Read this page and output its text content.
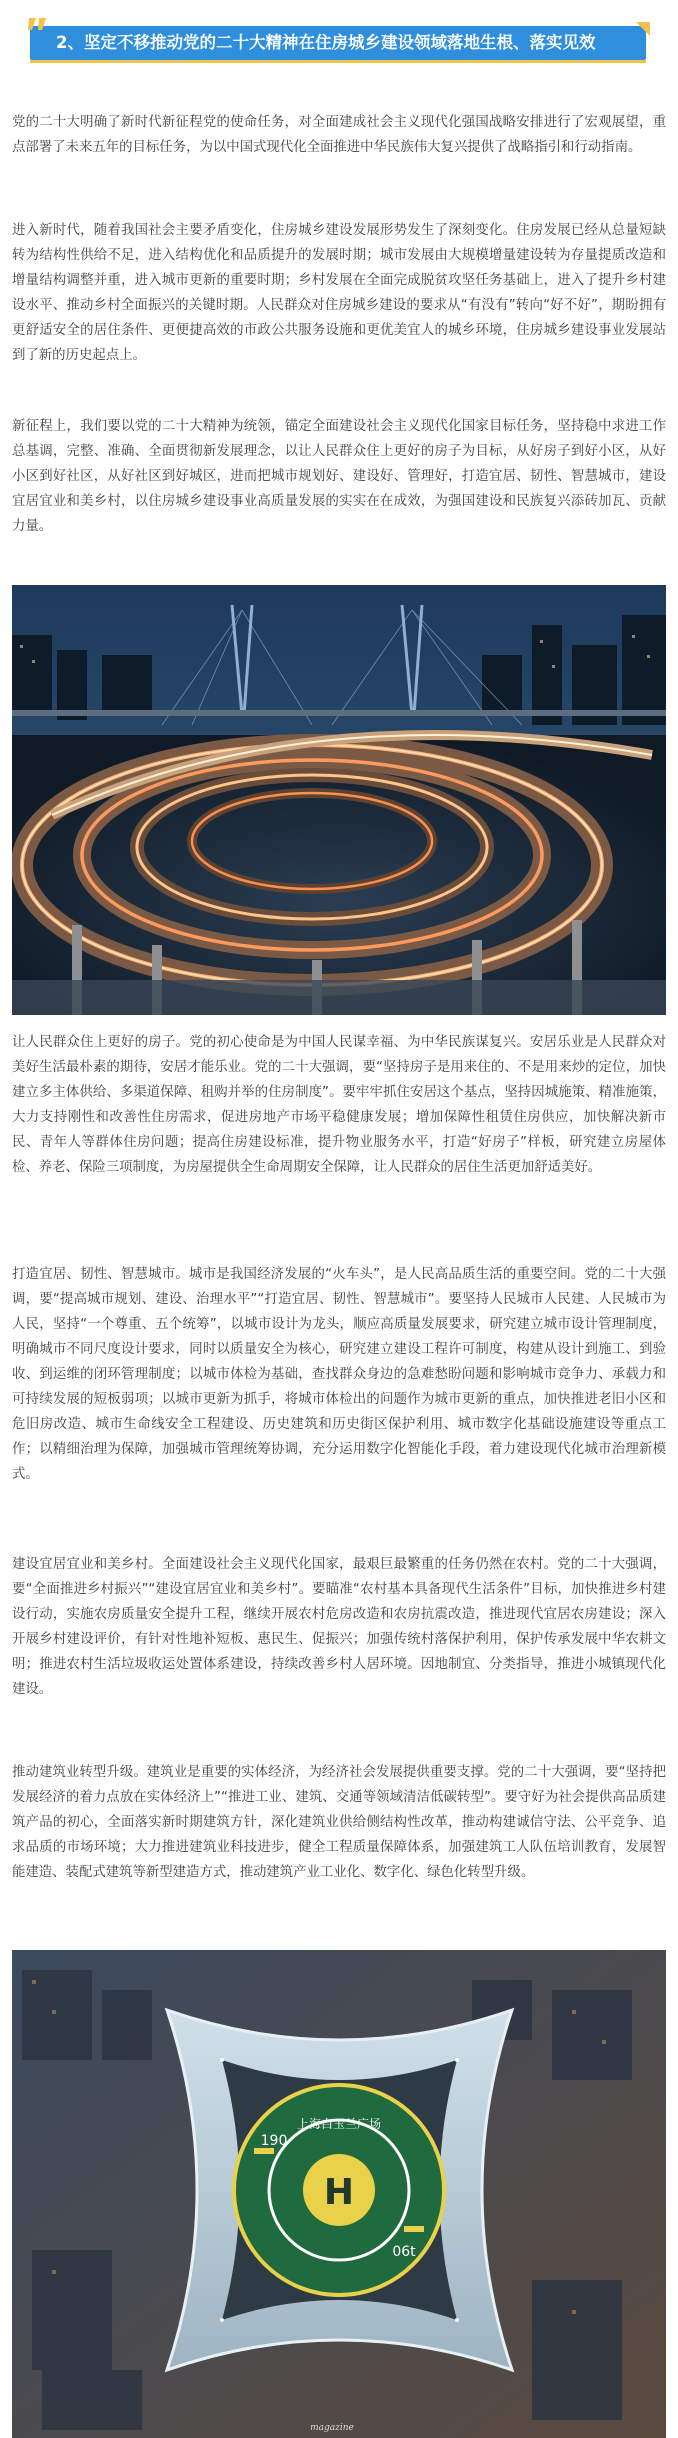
2、坚定不移推动党的二十大精神在住房城乡建设领域落地生根、落实见效

党的二十大明确了新时代新征程党的使命任务，对全面建成社会主义现代化强国战略安排进行了宏观展望，重点部署了未来五年的目标任务，为以中国式现代化全面推进中华民族伟大复兴提供了战略指引和行动指南。

进入新时代，随着我国社会主要矛盾变化，住房城乡建设发展形势发生了深刻变化。住房发展已经从总量短缺转为结构性供给不足，进入结构优化和品质提升的发展时期；城市发展由大规模增量建设转为存量提质改造和增量结构调整并重，进入城市更新的重要时期；乡村发展在全面完成脱贫攻坚任务基础上，进入了提升乡村建设水平、推动乡村全面振兴的关键时期。人民群众对住房城乡建设的要求从“有没有”转向“好不好”，期盼拥有更舒适安全的居住条件、更便捷高效的市政公共服务设施和更优美宜人的城乡环境，住房城乡建设事业发展站到了新的历史起点上。

新征程上，我们要以党的二十大精神为统领，锚定全面建设社会主义现代化国家目标任务，坚持稳中求进工作总基调，完整、准确、全面贯彻新发展理念，以让人民群众住上更好的房子为目标，从好房子到好小区，从好小区到好社区，从好社区到好城区，进而把城市规划好、建设好、管理好，打造宜居、韧性、智慧城市，建设宜居宜业和美乡村，以住房城乡建设事业高质量发展的实实在在成效，为强国建设和民族复兴添砖加瓦、贡献力量。

让人民群众住上更好的房子。党的初心使命是为中国人民谋幸福、为中华民族谋复兴。安居乐业是人民群众对美好生活最朴素的期待，安居才能乐业。党的二十大强调，要“坚持房子是用来住的、不是用来炒的定位，加快建立多主体供给、多渠道保障、租购并举的住房制度”。要牢牢抓住安居这个基点，坚持因城施策、精准施策，大力支持刚性和改善性住房需求，促进房地产市场平稳健康发展；增加保障性租赁住房供应，加快解决新市民、青年人等群体住房问题；提高住房建设标准，提升物业服务水平，打造“好房子”样板，研究建立房屋体检、养老、保险三项制度，为房屋提供全生命周期安全保障，让人民群众的居住生活更加舒适美好。

打造宜居、韧性、智慧城市。城市是我国经济发展的“火车头”，是人民高品质生活的重要空间。党的二十大强调，要“提高城市规划、建设、治理水平”“打造宜居、韧性、智慧城市”。要坚持人民城市人民建、人民城市为人民，坚持“一个尊重、五个统筹”，以城市设计为龙头，顺应高质量发展要求，研究建立城市设计管理制度，明确城市不同尺度设计要求，同时以质量安全为核心，研究建立建设工程许可制度，构建从设计到施工、到验收、到运维的闭环管理制度；以城市体检为基础，查找群众身边的急难愁盼问题和影响城市竞争力、承载力和可持续发展的短板弱项；以城市更新为抓手，将城市体检出的问题作为城市更新的重点，加快推进老旧小区和危旧房改造、城市生命线安全工程建设、历史建筑和历史街区保护利用、城市数字化基础设施建设等重点工作；以精细治理为保障，加强城市管理统筹协调，充分运用数字化智能化手段，着力建设现代化城市治理新模式。

建设宜居宜业和美乡村。全面建设社会主义现代化国家，最艰巨最繁重的任务仍然在农村。党的二十大强调，要“全面推进乡村振兴”“建设宜居宜业和美乡村”。要瞄准“农村基本具备现代生活条件”目标，加快推进乡村建设行动，实施农房质量安全提升工程，继续开展农村危房改造和农房抗震改造，推进现代宜居农房建设；深入开展乡村建设评价，有针对性地补短板、惠民生、促振兴；加强传统村落保护利用，保护传承发展中华农耕文明；推进农村生活垃圾收运处置体系建设，持续改善乡村人居环境。因地制宜、分类指导，推进小城镇现代化建设。

推动建筑业转型升级。建筑业是重要的实体经济，为经济社会发展提供重要支撑。党的二十大强调，要“坚持把发展经济的着力点放在实体经济上”“推进工业、建筑、交通等领域清洁低碳转型”。要守好为社会提供高品质建筑产品的初心，全面落实新时期建筑方针，深化建筑业供给侧结构性改革，推动构建诚信守法、公平竞争、追求品质的市场环境；大力推进建筑业科技进步，健全工程质量保障体系，加强建筑工人队伍培训教育，发展智能建造、装配式建筑等新型建造方式，推动建筑产业工业化、数字化、绿色化转型升级。

H
上海白玉兰广场
190
06t
magazine
